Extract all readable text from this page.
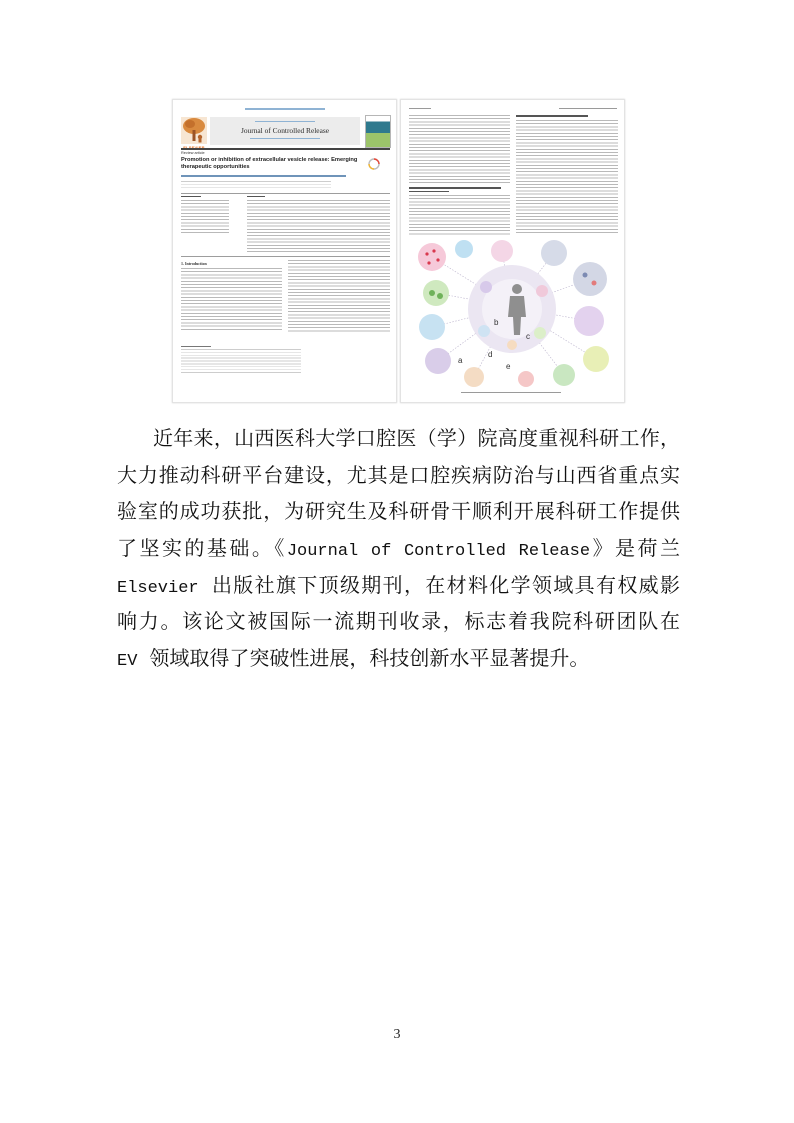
Journal of Controlled Release
Review article
Promotion or inhibition of extracellular vesicle release: Emerging
therapeutic opportunities
1. Introduction
a
b
c
d
e
近年来，山西医科大学口腔医（学）院高度重视科研工作，
大力推动科研平台建设，尤其是口腔疾病防治与山西省重点实
验室的成功获批，为研究生及科研骨干顺利开展科研工作提供
了坚实的基础。《Journal of Controlled Release》是荷兰
Elsevier 出版社旗下顶级期刊，在材料化学领域具有权威影
响力。该论文被国际一流期刊收录，标志着我院科研团队在
EV 领域取得了突破性进展，科技创新水平显著提升。
3
